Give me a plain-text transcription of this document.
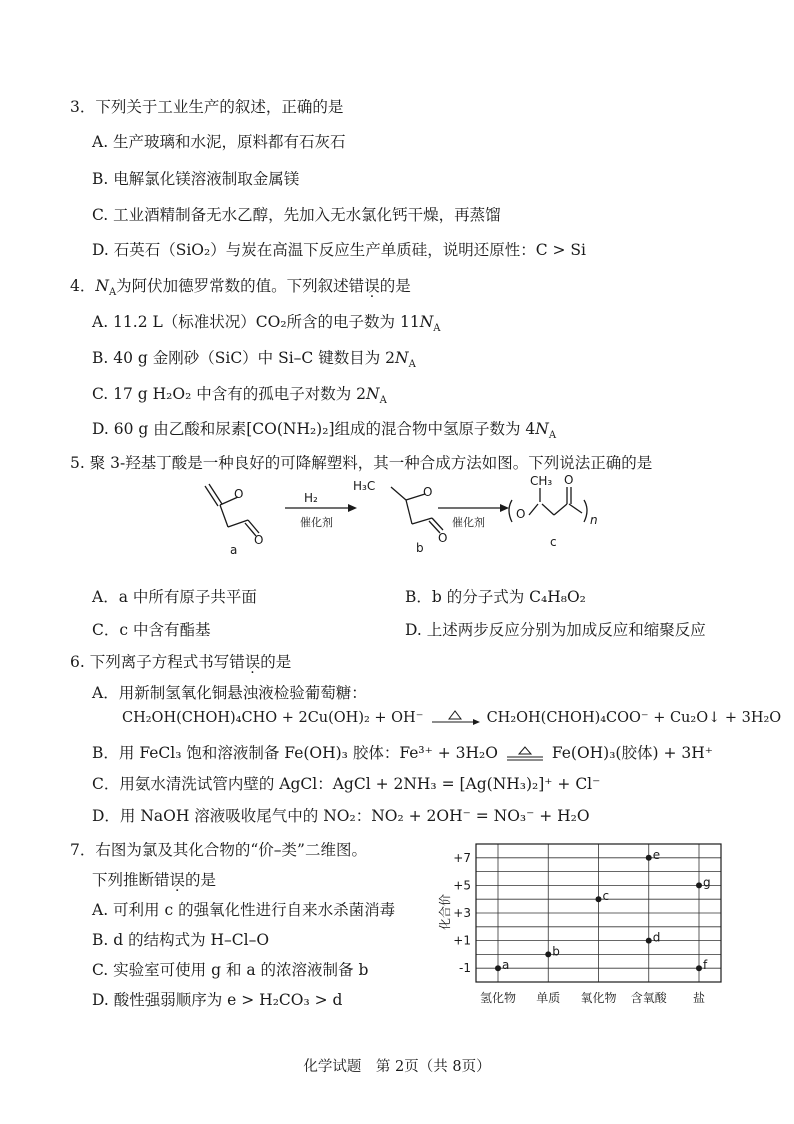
3．下列关于工业生产的叙述，正确的是
A. 生产玻璃和水泥，原料都有石灰石
B. 电解氯化镁溶液制取金属镁
C. 工业酒精制备无水乙醇，先加入无水氯化钙干燥，再蒸馏
D. 石英石（SiO₂）与炭在高温下反应生产单质硅，说明还原性：C > Si
4．$N_A$为阿伏加德罗常数的值。下列叙述错误的是
A. 11.2 L（标准状况）CO₂所含的电子数为 $11N_A$
B. 40 g 金刚砂（SiC）中 Si–C 键数目为 $2N_A$
C. 17 g H₂O₂ 中含有的孤电子对数为 $2N_A$
D. 60 g 由乙酸和尿素[CO(NH₂)₂]组成的混合物中氢原子数为 $4N_A$
5. 聚 3-羟基丁酸是一种良好的可降解塑料，其一种合成方法如图。下列说法正确的是
O
O
a
H₂
催化剂
H₃C	O
O
b
催化剂
O
CH₃ O
n
c
A．a 中所有原子共平面	B．b 的分子式为 C₄H₈O₂
C．c 中含有酯基	D. 上述两步反应分别为加成反应和缩聚反应
6. 下列离子方程式书写错误的是
A．用新制氢氧化铜悬浊液检验葡萄糖：
CH₂OH(CHOH)₄CHO + 2Cu(OH)₂ + OH⁻	CH₂OH(CHOH)₄COO⁻ + Cu₂O↓ + 3H₂O
B．用 FeCl₃ 饱和溶液制备 Fe(OH)₃ 胶体：Fe³⁺ + 3H₂O	Fe(OH)₃(胶体) + 3H⁺
C．用氨水清洗试管内壁的 AgCl：AgCl + 2NH₃ = [Ag(NH₃)₂]⁺ + Cl⁻
D．用 NaOH 溶液吸收尾气中的 NO₂：NO₂ + 2OH⁻ = NO₃⁻ + H₂O
7．右图为氯及其化合物的“价–类”二维图。
下列推断错误的是
A. 可利用 c 的强氧化性进行自来水杀菌消毒
B. d 的结构式为 H–Cl–O
C. 实验室可使用 g 和 a 的浓溶液制备 b
D. 酸性强弱顺序为 e > H₂CO₃ > d
+7
+5
+3
+1
-1
氢化物 单质 氧化物 含氧酸 盐
a
b
c
d
e
f
g
化合价
化学试题　第 2页（共 8页）
